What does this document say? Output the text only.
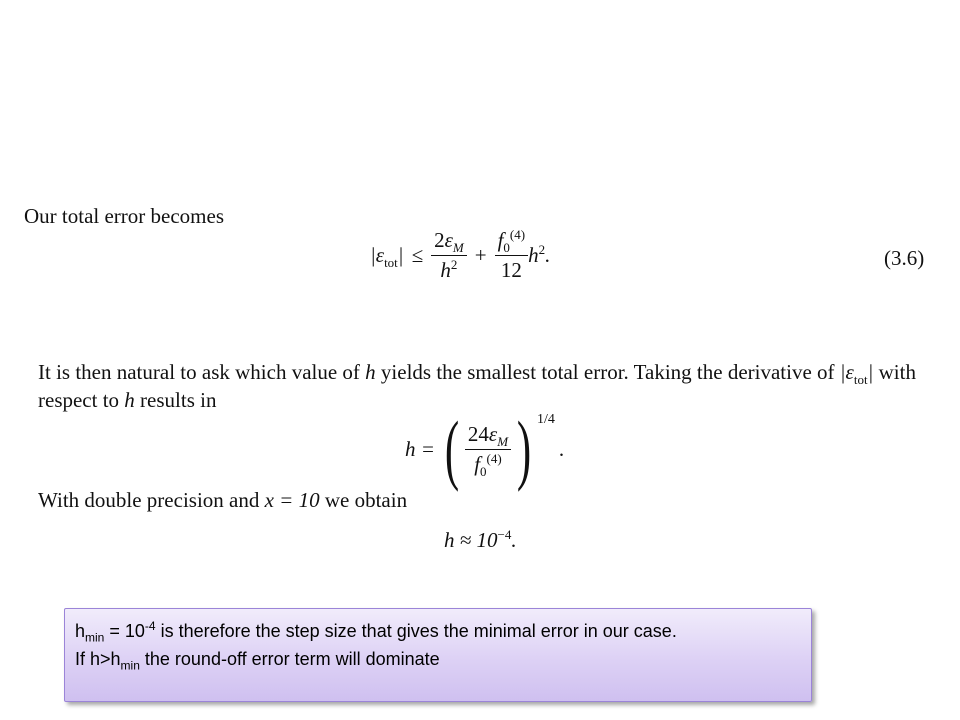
Our total error becomes
$|\varepsilon_{tot}| \le \frac{2\varepsilon_M}{h^2} + \frac{f_0^{(4)}}{12} h^2$.	(3.6)
It is then natural to ask which value of h yields the smallest total error. Taking the derivative of $|\varepsilon_{tot}|$ with
respect to h results in
h = ( $\frac{24\varepsilon_M}{f_0^{(4)}}$ ) 1/4
.
With double precision and x = 10 we obtain
$h \approx 10^{-4}$.
$h_{min} = 10^{-4}$ is therefore the step size that gives the minimal error in our case.
If $h>h_{min}$ the round-off error term will dominate
